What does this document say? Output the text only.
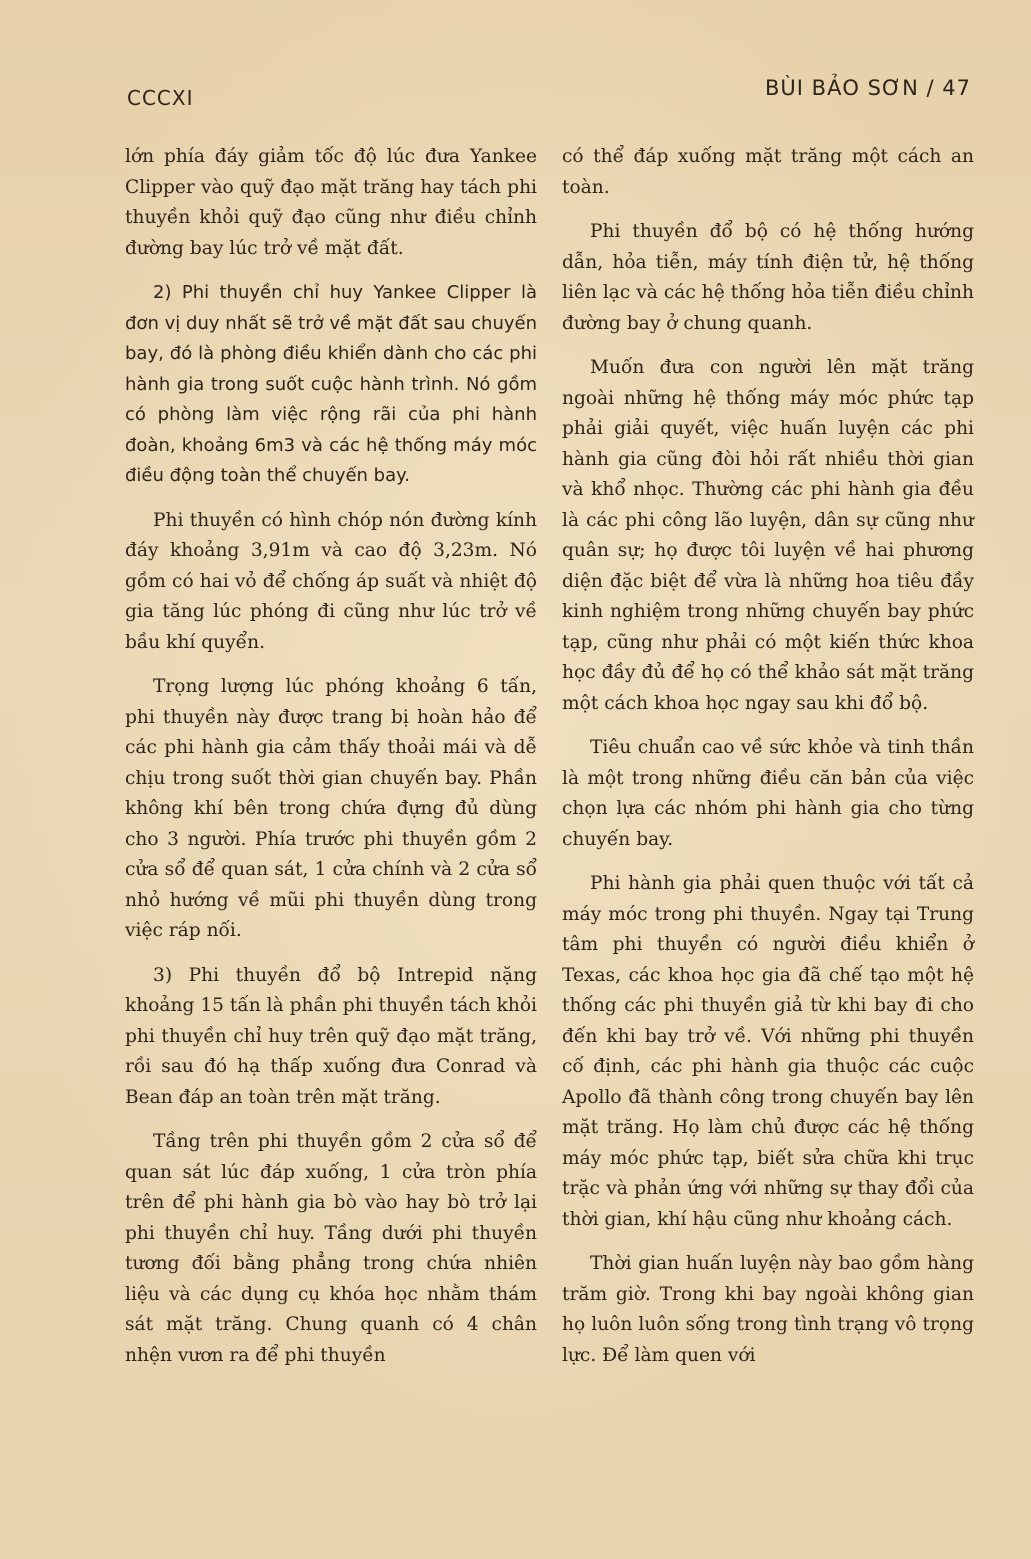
CCCXI	BÙI BẢO SƠN / 47

lớn phía đáy giảm tốc độ lúc đưa Yankee Clipper vào quỹ đạo mặt trăng hay tách phi thuyền khỏi quỹ đạo cũng như điều chỉnh đường bay lúc trở về mặt đất.

2) Phi thuyền chỉ huy Yankee Clipper là đơn vị duy nhất sẽ trở về mặt đất sau chuyến bay, đó là phòng điều khiển dành cho các phi hành gia trong suốt cuộc hành trình. Nó gồm có phòng làm việc rộng rãi của phi hành đoàn, khoảng 6m3 và các hệ thống máy móc điều động toàn thể chuyến bay.

Phi thuyền có hình chóp nón đường kính đáy khoảng 3,91m và cao độ 3,23m. Nó gồm có hai vỏ để chống áp suất và nhiệt độ gia tăng lúc phóng đi cũng như lúc trở về bầu khí quyển.

Trọng lượng lúc phóng khoảng 6 tấn, phi thuyền này được trang bị hoàn hảo để các phi hành gia cảm thấy thoải mái và dễ chịu trong suốt thời gian chuyến bay. Phần không khí bên trong chứa đựng đủ dùng cho 3 người. Phía trước phi thuyền gồm 2 cửa sổ để quan sát, 1 cửa chính và 2 cửa sổ nhỏ hướng về mũi phi thuyền dùng trong việc ráp nối.

3) Phi thuyền đổ bộ Intrepid nặng khoảng 15 tấn là phần phi thuyền tách khỏi phi thuyền chỉ huy trên quỹ đạo mặt trăng, rồi sau đó hạ thấp xuống đưa Conrad và Bean đáp an toàn trên mặt trăng.

Tầng trên phi thuyền gồm 2 cửa sổ để quan sát lúc đáp xuống, 1 cửa tròn phía trên để phi hành gia bò vào hay bò trở lại phi thuyền chỉ huy. Tầng dưới phi thuyền tương đối bằng phẳng trong chứa nhiên liệu và các dụng cụ khóa học nhằm thám sát mặt trăng. Chung quanh có 4 chân nhện vươn ra để phi thuyền

có thể đáp xuống mặt trăng một cách an toàn.

Phi thuyền đổ bộ có hệ thống hướng dẫn, hỏa tiễn, máy tính điện tử, hệ thống liên lạc và các hệ thống hỏa tiễn điều chỉnh đường bay ở chung quanh.

Muốn đưa con người lên mặt trăng ngoài những hệ thống máy móc phức tạp phải giải quyết, việc huấn luyện các phi hành gia cũng đòi hỏi rất nhiều thời gian và khổ nhọc. Thường các phi hành gia đều là các phi công lão luyện, dân sự cũng như quân sự; họ được tôi luyện về hai phương diện đặc biệt để vừa là những hoa tiêu đầy kinh nghiệm trong những chuyến bay phức tạp, cũng như phải có một kiến thức khoa học đầy đủ để họ có thể khảo sát mặt trăng một cách khoa học ngay sau khi đổ bộ.

Tiêu chuẩn cao về sức khỏe và tinh thần là một trong những điều căn bản của việc chọn lựa các nhóm phi hành gia cho từng chuyến bay.

Phi hành gia phải quen thuộc với tất cả máy móc trong phi thuyền. Ngay tại Trung tâm phi thuyền có người điều khiển ở Texas, các khoa học gia đã chế tạo một hệ thống các phi thuyền giả từ khi bay đi cho đến khi bay trở về. Với những phi thuyền cố định, các phi hành gia thuộc các cuộc Apollo đã thành công trong chuyến bay lên mặt trăng. Họ làm chủ được các hệ thống máy móc phức tạp, biết sửa chữa khi trục trặc và phản ứng với những sự thay đổi của thời gian, khí hậu cũng như khoảng cách.

Thời gian huấn luyện này bao gồm hàng trăm giờ. Trong khi bay ngoài không gian họ luôn luôn sống trong tình trạng vô trọng lực. Để làm quen với
